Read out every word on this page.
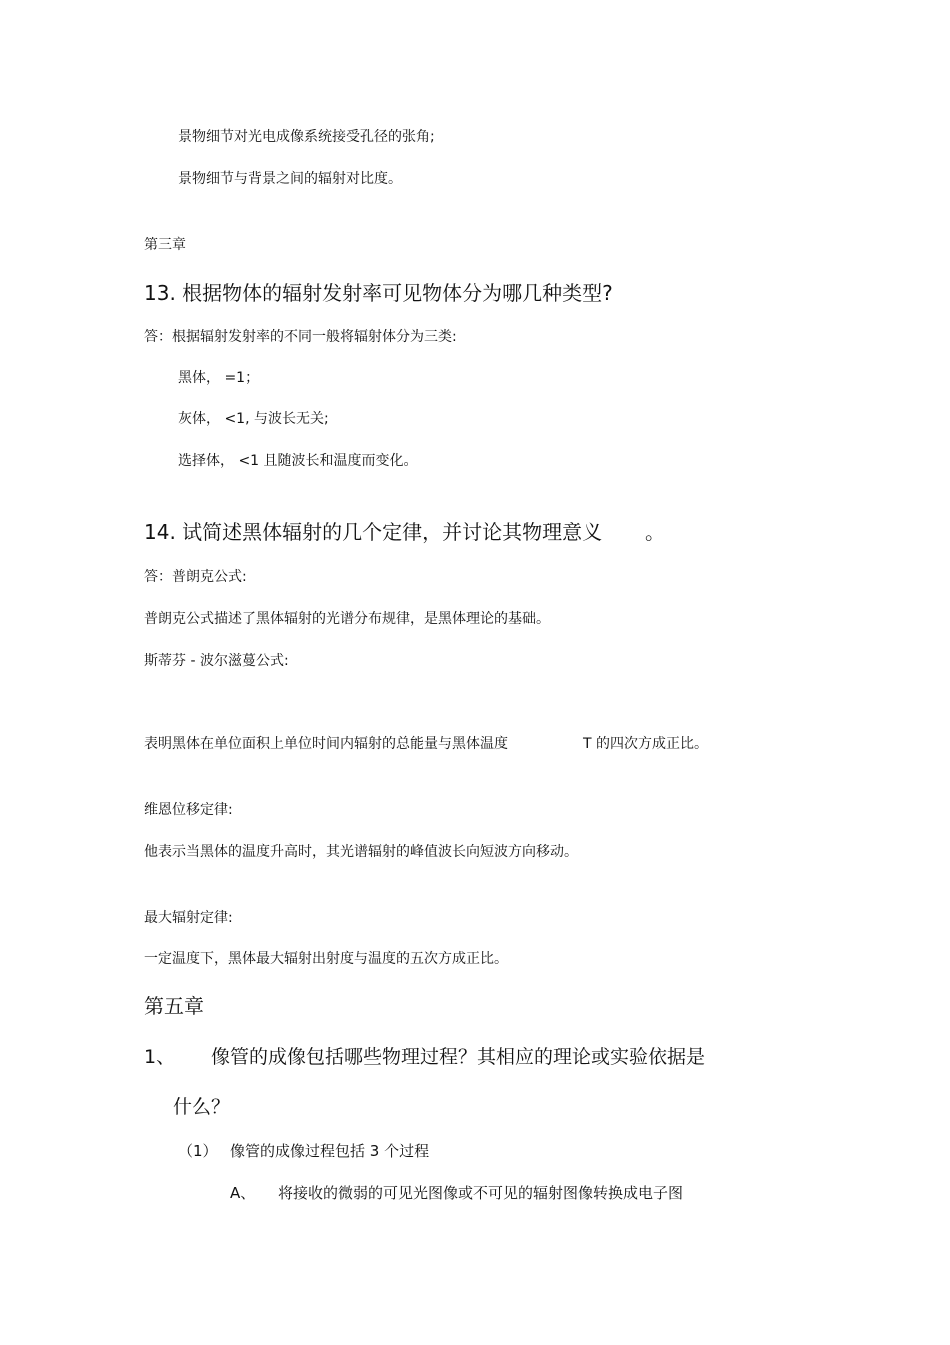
景物细节对光电成像系统接受孔径的张角;
景物细节与背景之间的辐射对比度。
第三章
13. 根据物体的辐射发射率可见物体分为哪几种类型?
答：根据辐射发射率的不同一般将辐射体分为三类:
黑体， =1；
灰体， <1, 与波长无关;
选择体， <1 且随波长和温度而变化。
14. 试简述黑体辐射的几个定律，并讨论其物理意义 。
答：普朗克公式:
普朗克公式描述了黑体辐射的光谱分布规律，是黑体理论的基础。
斯蒂芬 - 波尔滋蔓公式:
表明黑体在单位面积上单位时间内辐射的总能量与黑体温度	T 的四次方成正比。
维恩位移定律:
他表示当黑体的温度升高时，其光谱辐射的峰值波长向短波方向移动。
最大辐射定律:
一定温度下，黑体最大辐射出射度与温度的五次方成正比。
第五章
1、 像管的成像包括哪些物理过程？其相应的理论或实验依据是
什么？
（1） 像管的成像过程包括 3 个过程
A、 将接收的微弱的可见光图像或不可见的辐射图像转换成电子图
